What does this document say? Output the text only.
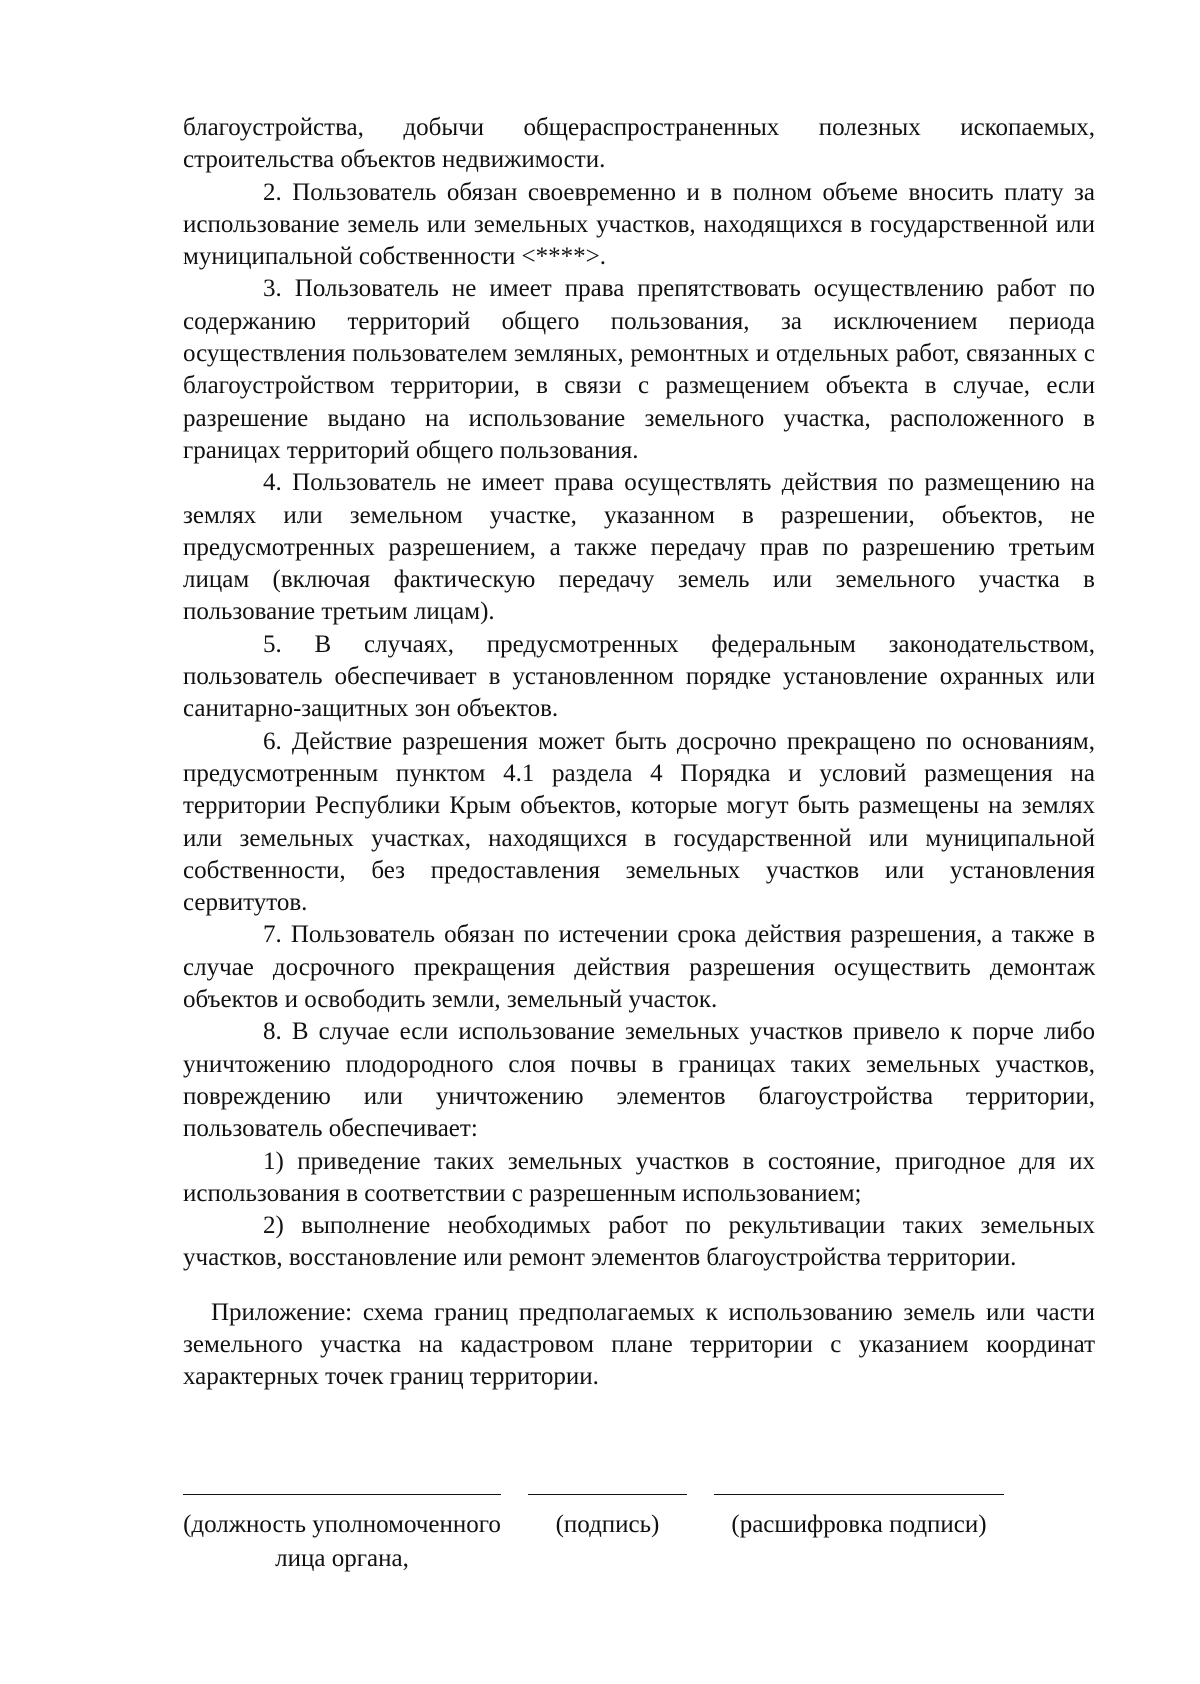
благоустройства, добычи общераспространенных полезных ископаемых, строительства объектов недвижимости.

2. Пользователь обязан своевременно и в полном объеме вносить плату за использование земель или земельных участков, находящихся в государственной или муниципальной собственности <****>.

3. Пользователь не имеет права препятствовать осуществлению работ по содержанию территорий общего пользования, за исключением периода осуществления пользователем земляных, ремонтных и отдельных работ, связанных с благоустройством территории, в связи с размещением объекта в случае, если разрешение выдано на использование земельного участка, расположенного в границах территорий общего пользования.

4. Пользователь не имеет права осуществлять действия по размещению на землях или земельном участке, указанном в разрешении, объектов, не предусмотренных разрешением, а также передачу прав по разрешению третьим лицам (включая фактическую передачу земель или земельного участка в пользование третьим лицам).

5. В случаях, предусмотренных федеральным законодательством, пользователь обеспечивает в установленном порядке установление охранных или санитарно-защитных зон объектов.

6. Действие разрешения может быть досрочно прекращено по основаниям, предусмотренным пунктом 4.1 раздела 4 Порядка и условий размещения на территории Республики Крым объектов, которые могут быть размещены на землях или земельных участках, находящихся в государственной или муниципальной собственности, без предоставления земельных участков или установления сервитутов.

7. Пользователь обязан по истечении срока действия разрешения, а также в случае досрочного прекращения действия разрешения осуществить демонтаж объектов и освободить земли, земельный участок.

8. В случае если использование земельных участков привело к порче либо уничтожению плодородного слоя почвы в границах таких земельных участков, повреждению или уничтожению элементов благоустройства территории, пользователь обеспечивает:

1) приведение таких земельных участков в состояние, пригодное для их использования в соответствии с разрешенным использованием;

2) выполнение необходимых работ по рекультивации таких земельных участков, восстановление или ремонт элементов благоустройства территории.

Приложение: схема границ предполагаемых к использованию земель или части земельного участка на кадастровом плане территории с указанием координат характерных точек границ территории.

(должность уполномоченного
лица органа,
(подпись)	(расшифровка подписи)
